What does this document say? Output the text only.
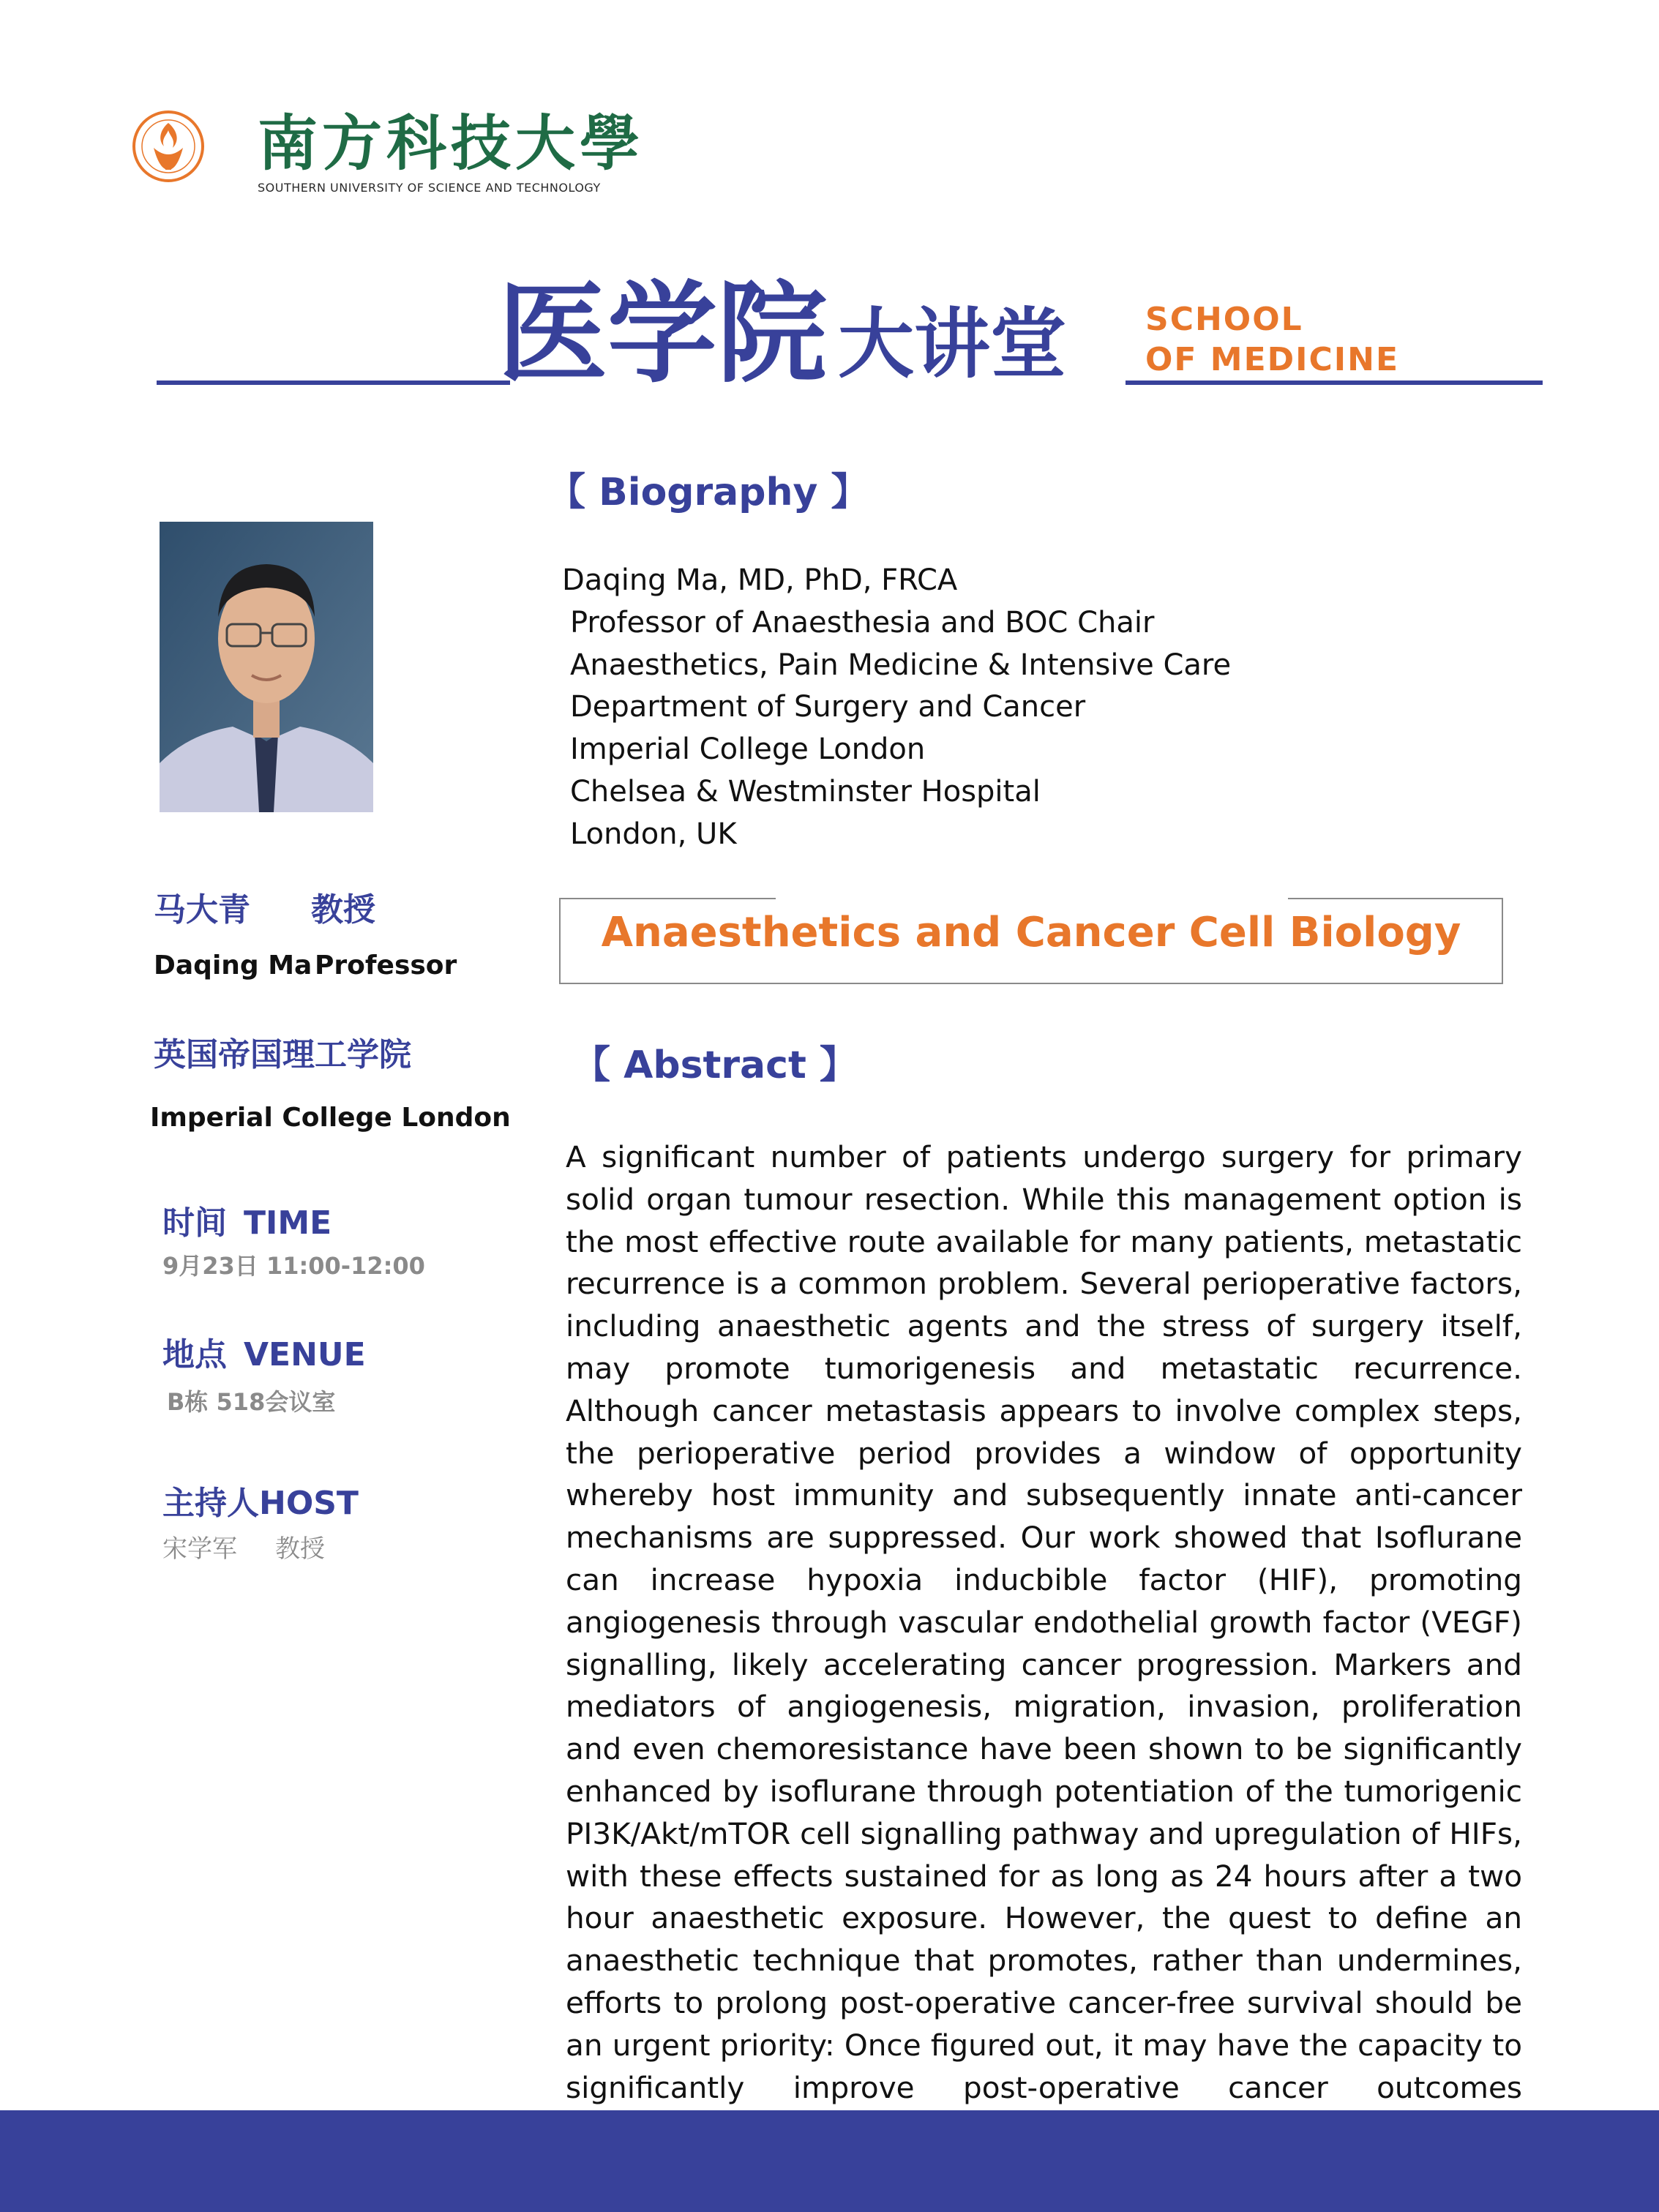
南方科技大學
SOUTHERN UNIVERSITY OF SCIENCE AND TECHNOLOGY
医学院 大讲堂 SCHOOL
OF MEDICINE
马大青 教授
Daqing Ma Professor
英国帝国理工学院
Imperial College London
时间 TIME
9月23日 11:00-12:00
地点 VENUE
B栋 518会议室
主持人HOST
宋学军 教授
【 Biography 】
Daqing Ma, MD, PhD, FRCA
Professor of Anaesthesia and BOC Chair
Anaesthetics, Pain Medicine & Intensive Care
Department of Surgery and Cancer
Imperial College London
Chelsea & Westminster Hospital
London, UK
Anaesthetics and Cancer Cell Biology
【 Abstract 】
A significant number of patients undergo surgery for primary solid organ tumour resection. While this management option is the most effective route available for many patients, metastatic recurrence is a common problem. Several perioperative factors, including anaesthetic agents and the stress of surgery itself, may promote tumorigenesis and metastatic recurrence. Although cancer metastasis appears to involve complex steps, the perioperative period provides a window of opportunity whereby host immunity and subsequently innate anti-cancer mechanisms are suppressed. Our work showed that Isoflurane can increase hypoxia inducbible factor (HIF), promoting angiogenesis through vascular endothelial growth factor (VEGF) signalling, likely accelerating cancer progression. Markers and mediators of angiogenesis, migration, invasion, proliferation and even chemoresistance have been shown to be significantly enhanced by isoflurane through potentiation of the tumorigenic PI3K/Akt/mTOR cell signalling pathway and upregulation of HIFs, with these effects sustained for as long as 24 hours after a two hour anaesthetic exposure. However, the quest to define an anaesthetic technique that promotes, rather than undermines, efforts to prolong post-operative cancer-free survival should be an urgent priority: Once figured out, it may have the capacity to significantly improve post-operative cancer outcomes
